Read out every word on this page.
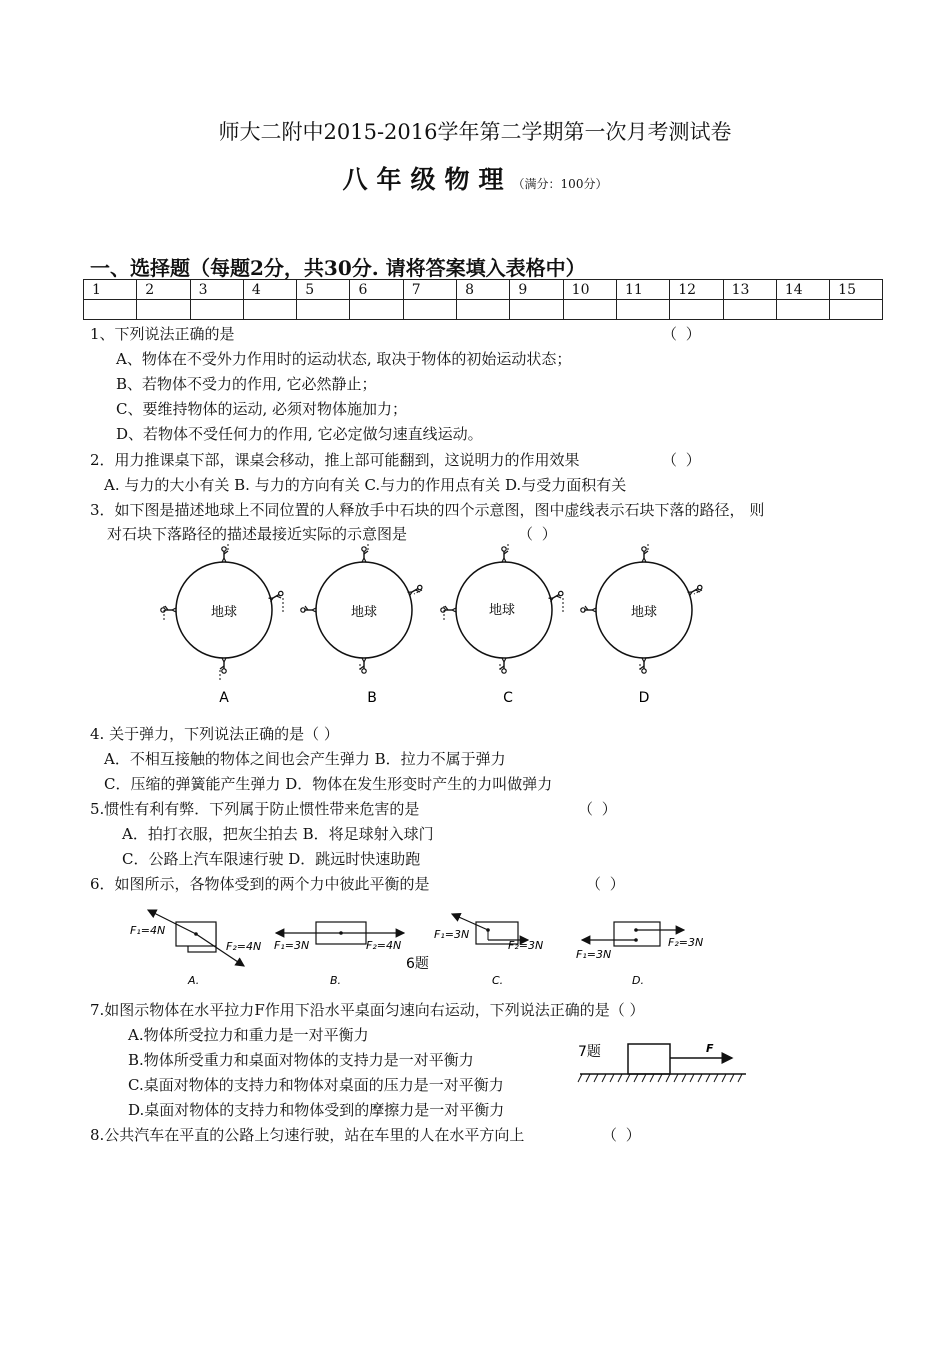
师大二附中2015-2016学年第二学期第一次月考测试卷
八年级物理（满分：100分）
一、选择题（每题2分，共30分. 请将答案填入表格中）
1	2	3	4	5	6	7	8	9	10	11	12	13	14	15

1、下列说法正确的是	（ ）
A、物体在不受外力作用时的运动状态, 取决于物体的初始运动状态；
B、若物体不受力的作用, 它必然静止；
C、要维持物体的运动, 必须对物体施加力；
D、若物体不受任何力的作用, 它必定做匀速直线运动。
2．用力推课桌下部，课桌会移动，推上部可能翻到，这说明力的作用效果	（ ）
A. 与力的大小有关 B. 与力的方向有关 C.与力的作用点有关 D.与受力面积有关
3．如下图是描述地球上不同位置的人释放手中石块的四个示意图，图中虚线表示石块下落的路径， 则
对石块下落路径的描述最接近实际的示意图是	（ ）
地球
A
地球
B
地球
C
地球
D
4. 关于弹力，下列说法正确的是（ ）
A．不相互接触的物体之间也会产生弹力 B．拉力不属于弹力
C．压缩的弹簧能产生弹力 D．物体在发生形变时产生的力叫做弹力
5.惯性有利有弊．下列属于防止惯性带来危害的是	（ ）
A．拍打衣服，把灰尘拍去 B．将足球射入球门
C．公路上汽车限速行驶 D．跳远时快速助跑
6．如图所示，各物体受到的两个力中彼此平衡的是	（ ）
F₁=4N
F₂=4N
A.
F₁=3N	F₂=4N
B.
6题
F₁=3N
F₂=3N
C.
F₂=3N
F₁=3N
D.
7.如图示物体在水平拉力F作用下沿水平桌面匀速向右运动，下列说法正确的是（ ）
A.物体所受拉力和重力是一对平衡力
B.物体所受重力和桌面对物体的支持力是一对平衡力
C.桌面对物体的支持力和物体对桌面的压力是一对平衡力
D.桌面对物体的支持力和物体受到的摩擦力是一对平衡力
7题	F
8.公共汽车在平直的公路上匀速行驶，站在车里的人在水平方向上	（ ）
